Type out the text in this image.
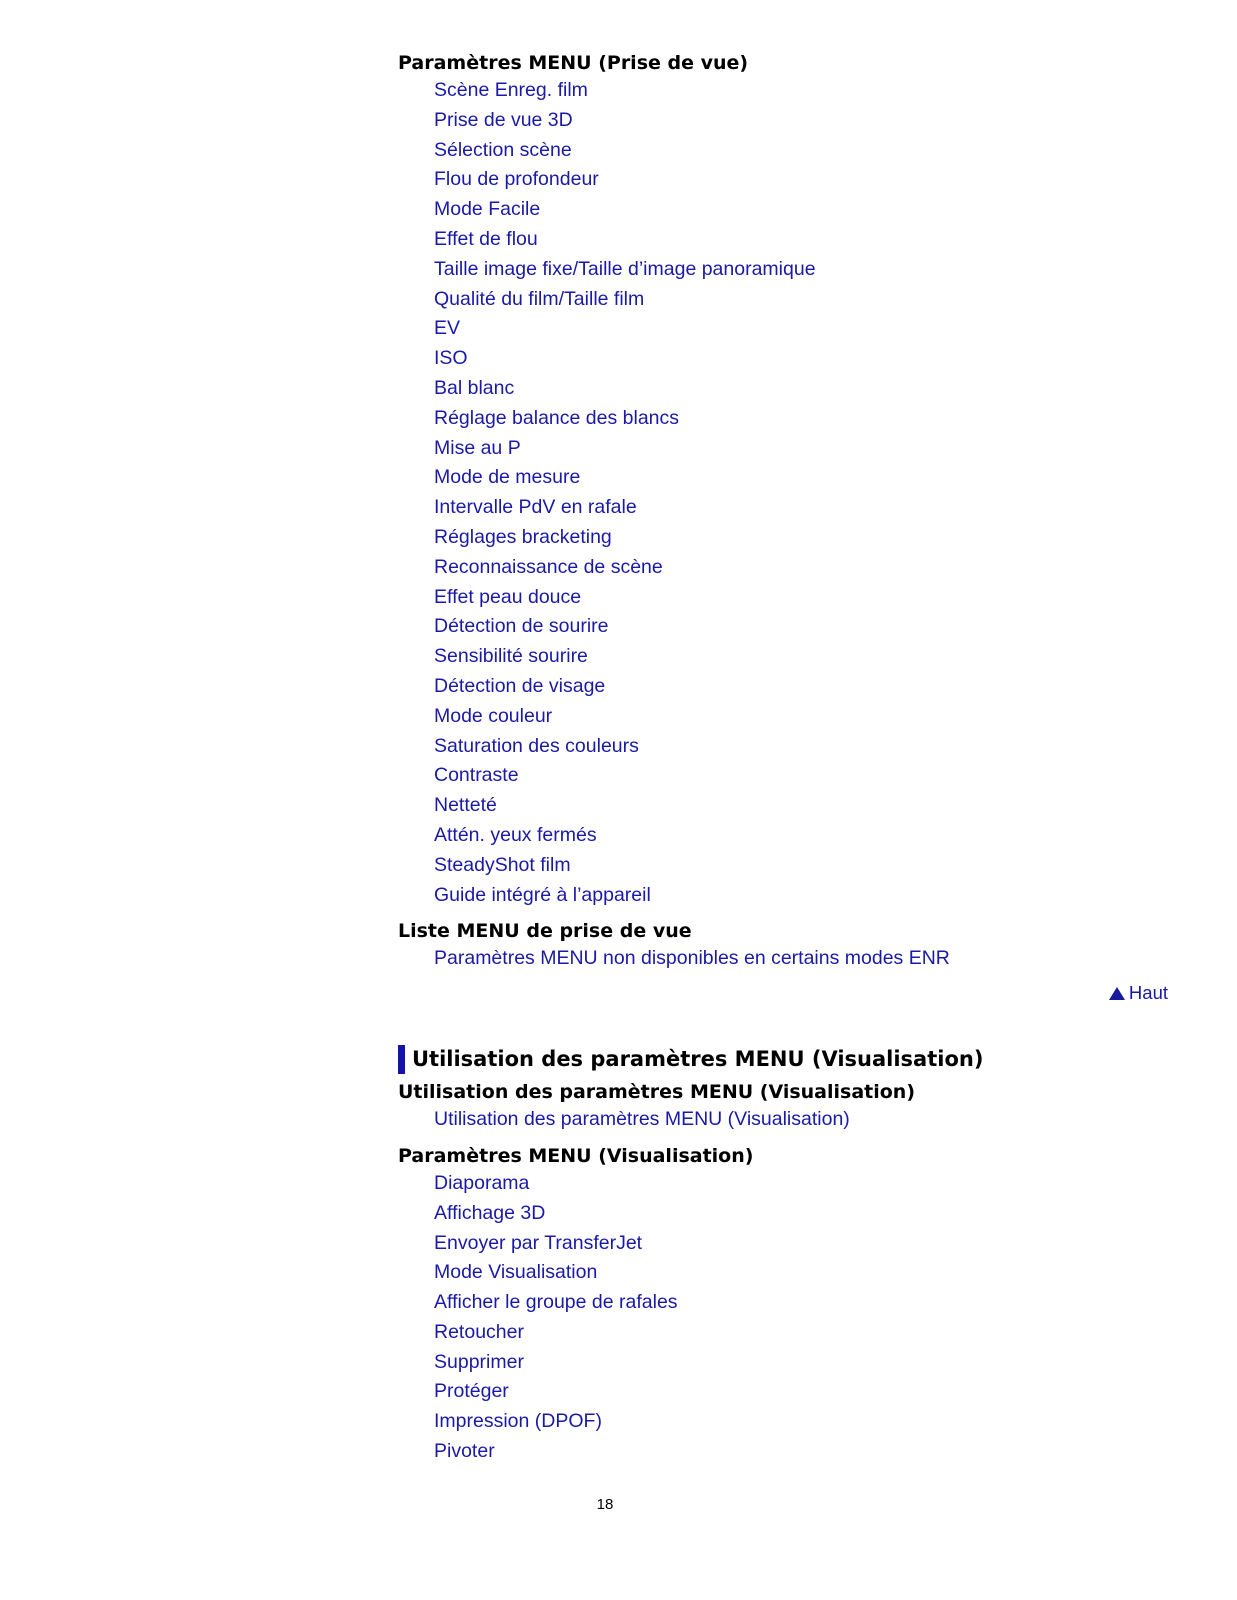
Paramètres MENU (Prise de vue)
Scène Enreg. film
Prise de vue 3D
Sélection scène
Flou de profondeur
Mode Facile
Effet de flou
Taille image fixe/Taille d’image panoramique
Qualité du film/Taille film
EV
ISO
Bal blanc
Réglage balance des blancs
Mise au P
Mode de mesure
Intervalle PdV en rafale
Réglages bracketing
Reconnaissance de scène
Effet peau douce
Détection de sourire
Sensibilité sourire
Détection de visage
Mode couleur
Saturation des couleurs
Contraste
Netteté
Attén. yeux fermés
SteadyShot film
Guide intégré à l’appareil
Liste MENU de prise de vue
Paramètres MENU non disponibles en certains modes ENR
Haut
Utilisation des paramètres MENU (Visualisation)
Utilisation des paramètres MENU (Visualisation)
Utilisation des paramètres MENU (Visualisation)
Paramètres MENU (Visualisation)
Diaporama
Affichage 3D
Envoyer par TransferJet
Mode Visualisation
Afficher le groupe de rafales
Retoucher
Supprimer
Protéger
Impression (DPOF)
Pivoter
18
